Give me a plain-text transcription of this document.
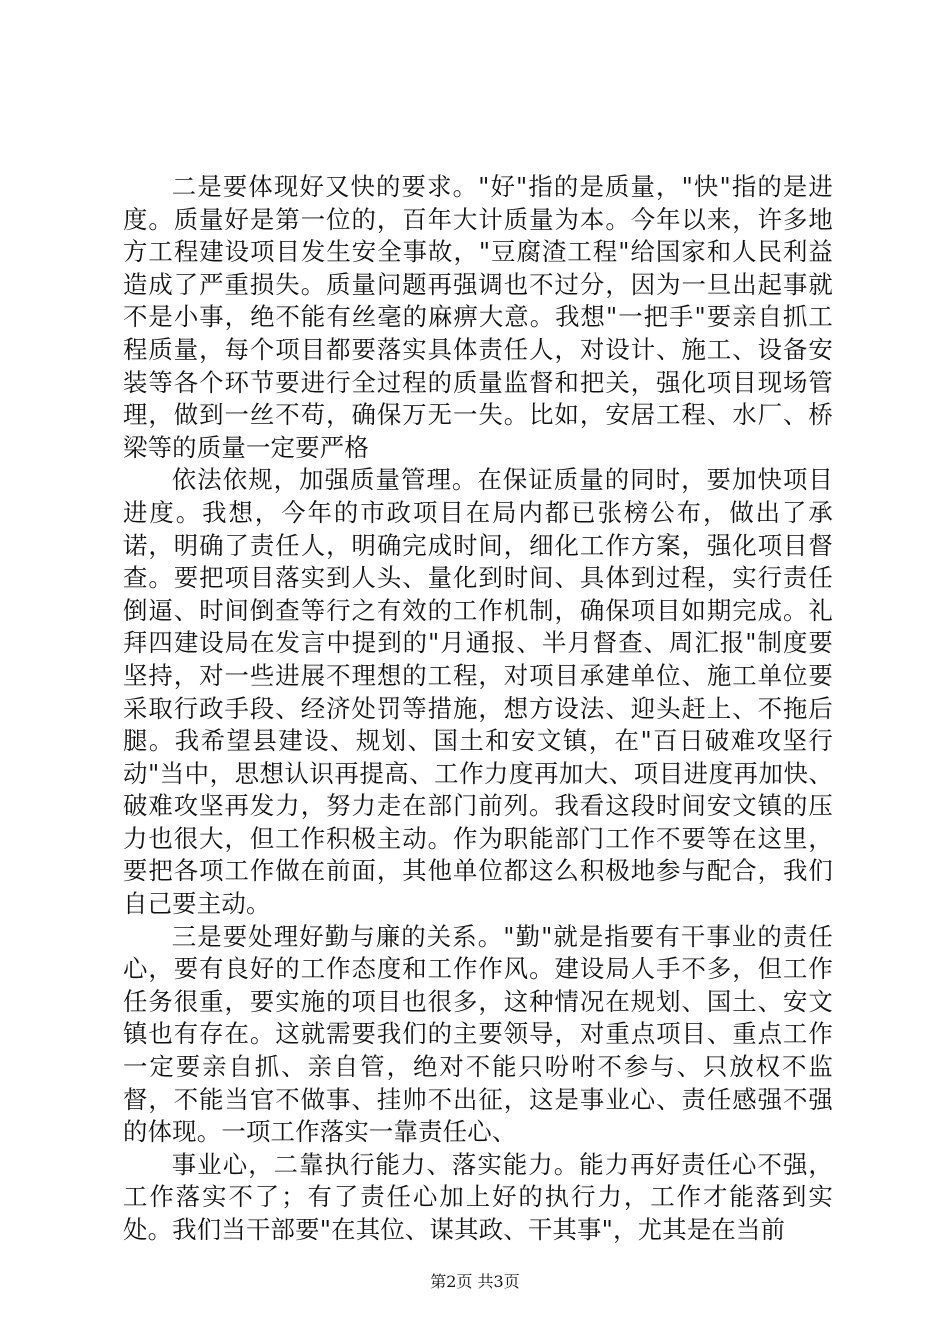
二是要体现好又快的要求。"好"指的是质量，"快"指的是进度。质量好是第一位的，百年大计质量为本。今年以来，许多地方工程建设项目发生安全事故，"豆腐渣工程"给国家和人民利益造成了严重损失。质量问题再强调也不过分，因为一旦出起事就不是小事，绝不能有丝毫的麻痹大意。我想"一把手"要亲自抓工程质量，每个项目都要落实具体责任人，对设计、施工、设备安装等各个环节要进行全过程的质量监督和把关，强化项目现场管理，做到一丝不苟，确保万无一失。比如，安居工程、水厂、桥梁等的质量一定要严格

依法依规，加强质量管理。在保证质量的同时，要加快项目进度。我想，今年的市政项目在局内都已张榜公布，做出了承诺，明确了责任人，明确完成时间，细化工作方案，强化项目督查。要把项目落实到人头、量化到时间、具体到过程，实行责任倒逼、时间倒查等行之有效的工作机制，确保项目如期完成。礼拜四建设局在发言中提到的"月通报、半月督查、周汇报"制度要坚持，对一些进展不理想的工程，对项目承建单位、施工单位要采取行政手段、经济处罚等措施，想方设法、迎头赶上、不拖后腿。我希望县建设、规划、国土和安文镇，在"百日破难攻坚行动"当中，思想认识再提高、工作力度再加大、项目进度再加快、破难攻坚再发力，努力走在部门前列。我看这段时间安文镇的压力也很大，但工作积极主动。作为职能部门工作不要等在这里，要把各项工作做在前面，其他单位都这么积极地参与配合，我们自己要主动。

三是要处理好勤与廉的关系。"勤"就是指要有干事业的责任心，要有良好的工作态度和工作作风。建设局人手不多，但工作任务很重，要实施的项目也很多，这种情况在规划、国土、安文镇也有存在。这就需要我们的主要领导，对重点项目、重点工作一定要亲自抓、亲自管，绝对不能只吩咐不参与、只放权不监督，不能当官不做事、挂帅不出征，这是事业心、责任感强不强的体现。一项工作落实一靠责任心、

事业心，二靠执行能力、落实能力。能力再好责任心不强，工作落实不了；有了责任心加上好的执行力，工作才能落到实处。我们当干部要"在其位、谋其政、干其事"，尤其是在当前

第2页 共3页
